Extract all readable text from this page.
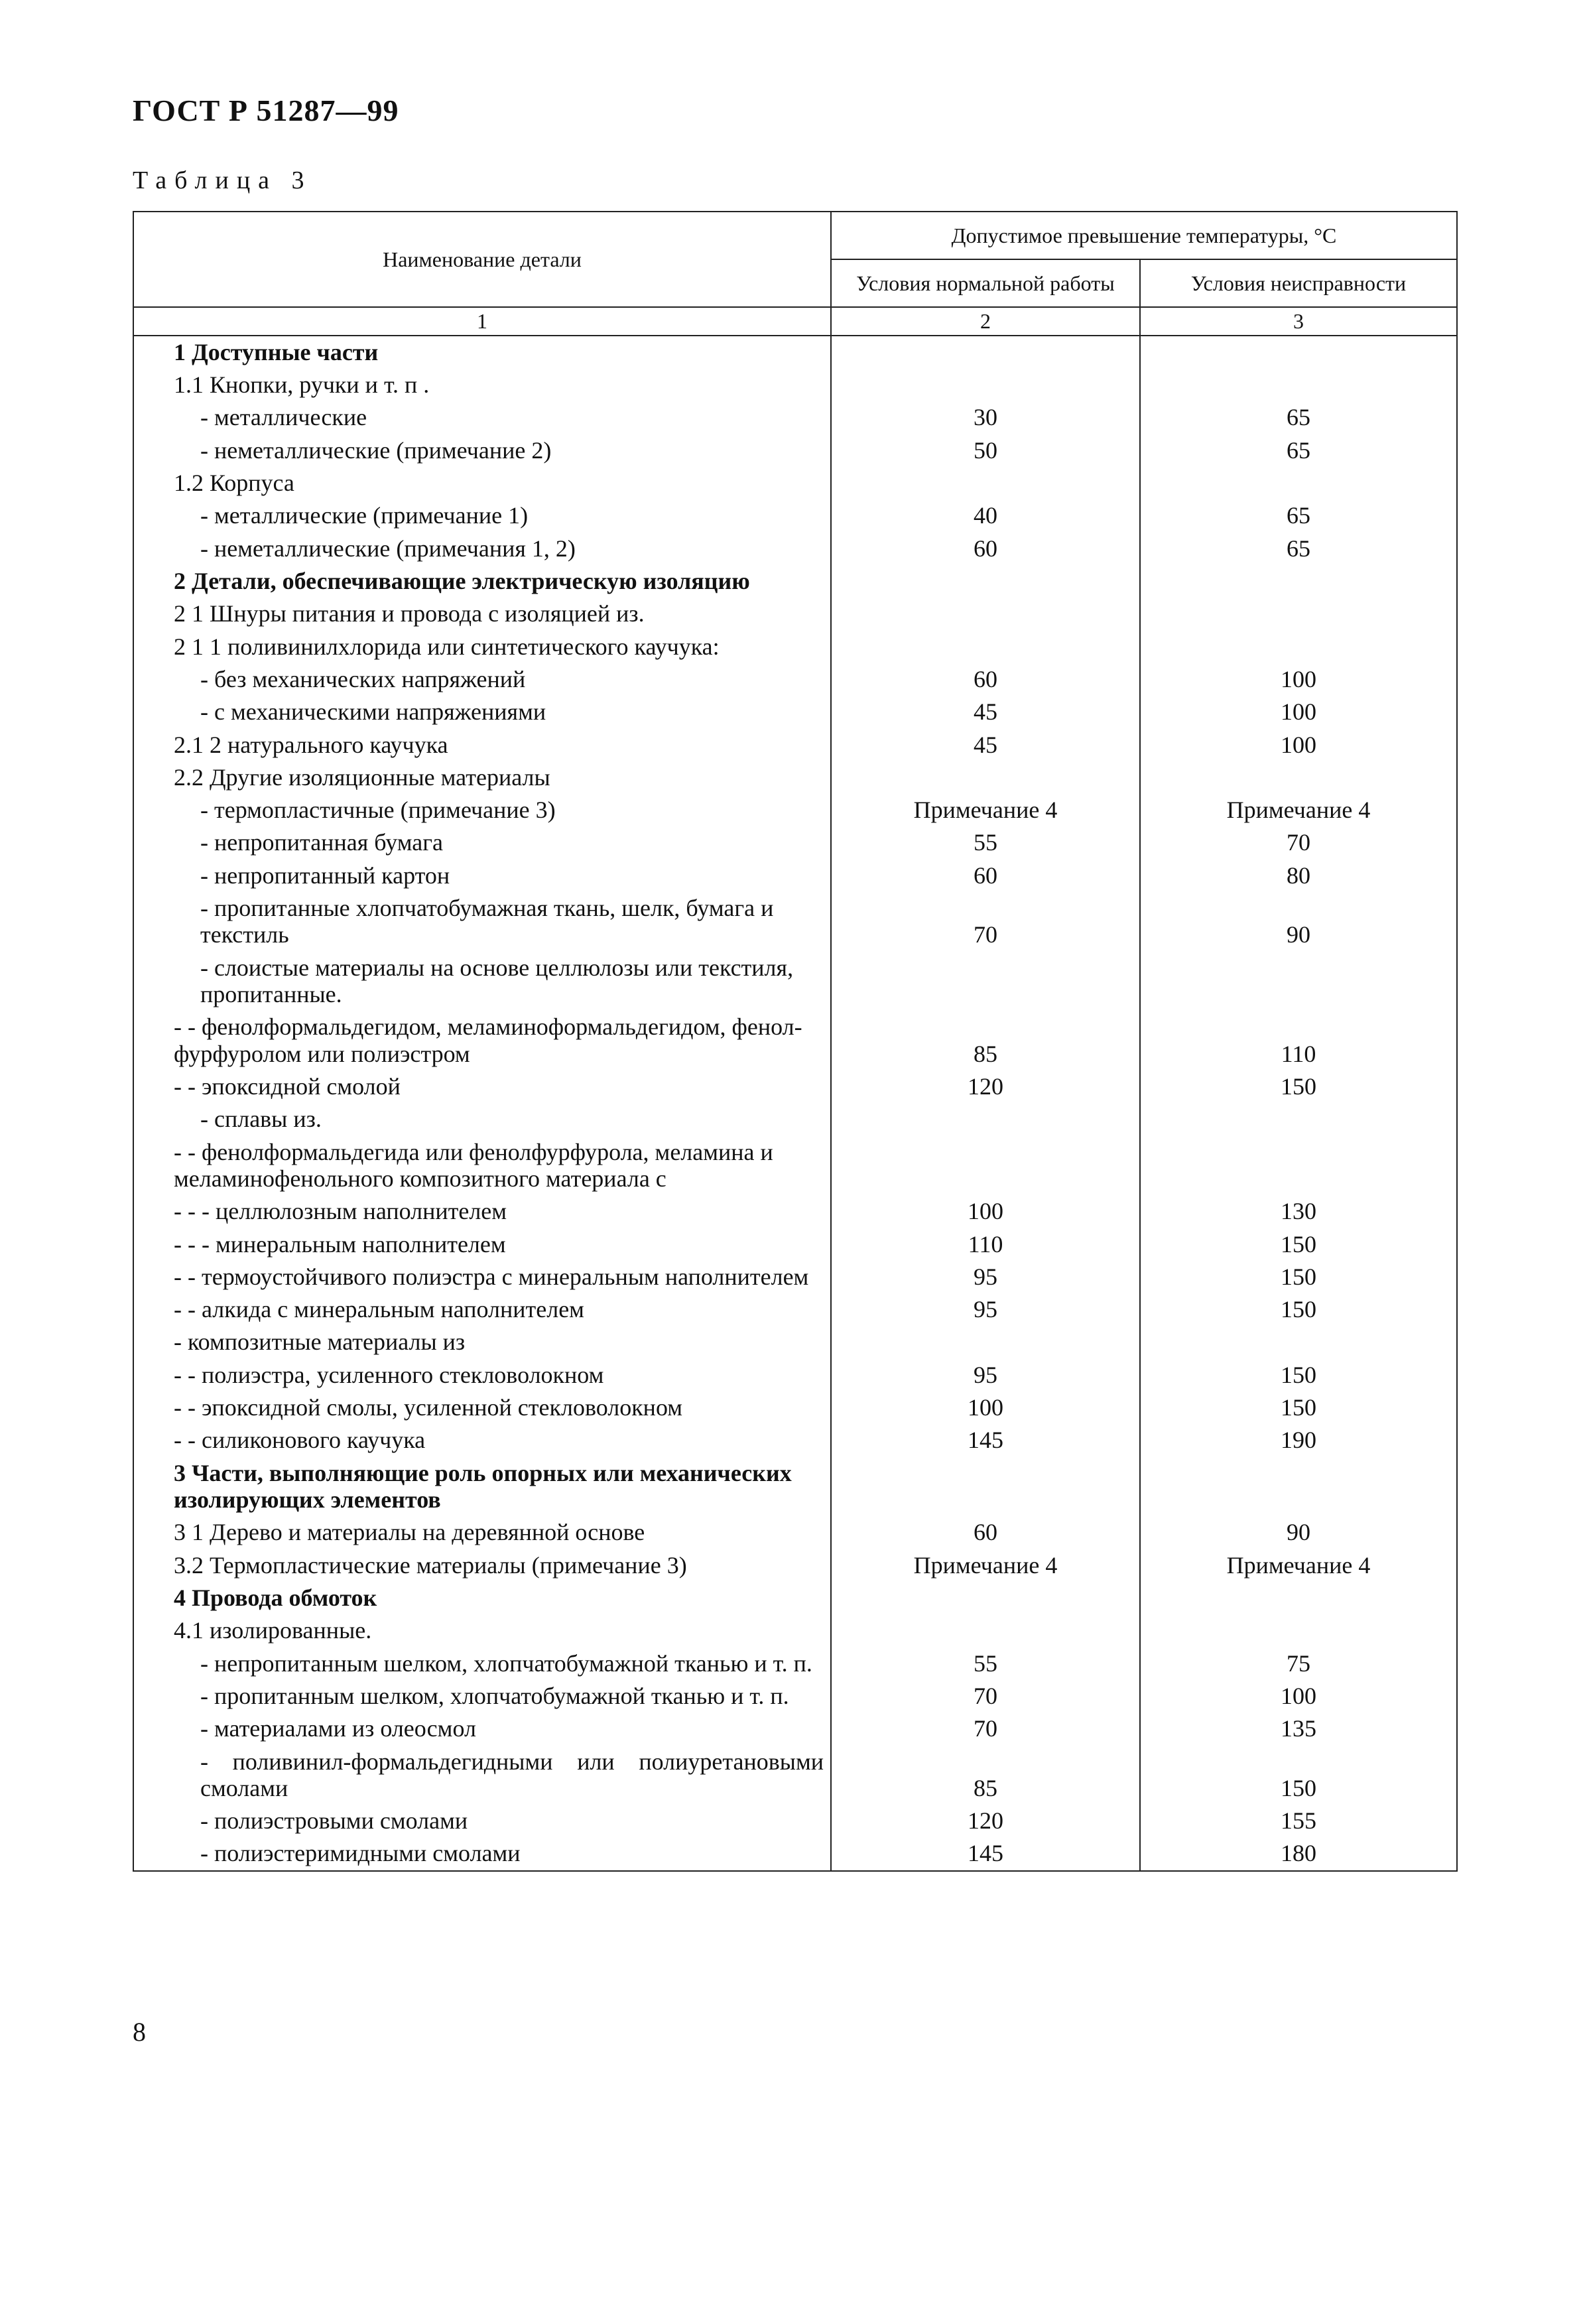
ГОСТ Р 51287—99
Таблица 3
Наименование детали	Допустимое превышение температуры, °С	
	Условия нормальной работы	Условия неисправности
1	2	3
1 Доступные части		
1.1 Кнопки, ручки и т. п .		
- металлические	30	65
- неметаллические (примечание 2)	50	65
1.2 Корпуса		
- металлические (примечание 1)	40	65
- неметаллические (примечания 1, 2)	60	65
2 Детали, обеспечивающие электрическую изоляцию		
2 1 Шнуры питания и провода с изоляцией из.		
2 1 1 поливинилхлорида или синтетического каучука:		
- без механических напряжений	60	100
- с механическими напряжениями	45	100
2.1 2 натурального каучука	45	100
2.2 Другие изоляционные материалы		
- термопластичные (примечание 3)	Примечание 4	Примечание 4
- непропитанная бумага	55	70
- непропитанный картон	60	80
- пропитанные хлопчатобумажная ткань, шелк, бумага и текстиль	70	90
- слоистые материалы на основе целлюлозы или текстиля, пропитанные.		
- - фенолформальдегидом, меламиноформальдегидом, фенол-фурфуролом или полиэстром	85	110
- - эпоксидной смолой	120	150
- сплавы из.		
- - фенолформальдегида или фенолфурфурола, меламина и меламинофенольного композитного материала с		
- - - целлюлозным наполнителем	100	130
- - - минеральным наполнителем	110	150
- - термоустойчивого полиэстра с минеральным наполнителем	95	150
- - алкида с минеральным наполнителем	95	150
- композитные материалы из		
- - полиэстра, усиленного стекловолокном	95	150
- - эпоксидной смолы, усиленной стекловолокном	100	150
- - силиконового каучука	145	190
3 Части, выполняющие роль опорных или механических изолирующих элементов		
3 1 Дерево и материалы на деревянной основе	60	90
3.2 Термопластические материалы (примечание 3)	Примечание 4	Примечание 4
4 Провода обмоток		
4.1 изолированные.		
- непропитанным шелком, хлопчатобумажной тканью и т. п.	55	75
- пропитанным шелком, хлопчатобумажной тканью и т. п.	70	100
- материалами из олеосмол	70	135
- поливинил-формальдегидными или полиуретановыми смолами	85	150
- полиэстровыми смолами	120	155
- полиэстеримидными смолами	145	180
8
